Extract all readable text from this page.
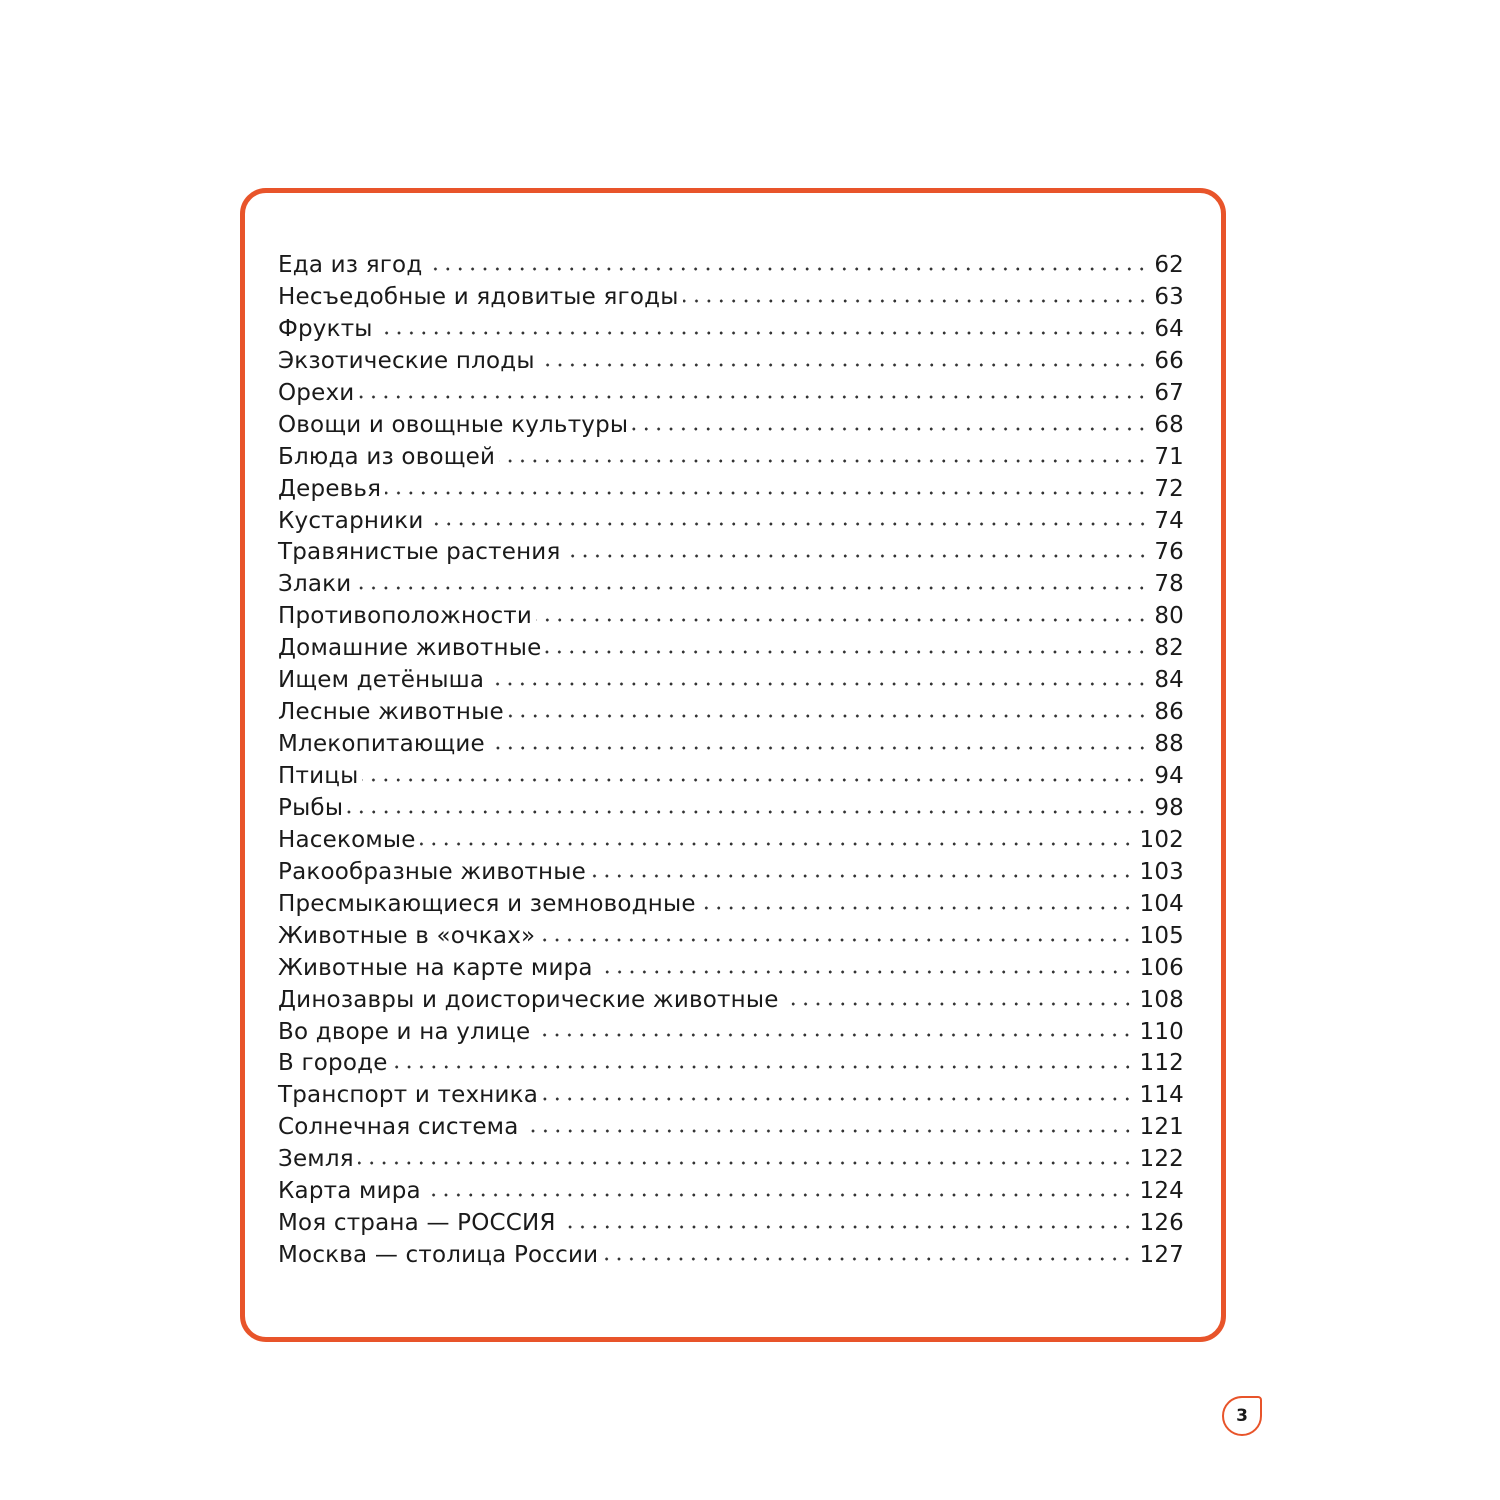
Еда из ягод	62
Несъедобные и ядовитые ягоды	63
Фрукты	64
Экзотические плоды	66
Орехи	67
Овощи и овощные культуры	68
Блюда из овощей	71
Деревья	72
Кустарники	74
Травянистые растения	76
Злаки	78
Противоположности	80
Домашние животные	82
Ищем детёныша	84
Лесные животные	86
Млекопитающие	88
Птицы	94
Рыбы	98
Насекомые	102
Ракообразные животные	103
Пресмыкающиеся и земноводные	104
Животные в «очках»	105
Животные на карте мира	106
Динозавры и доисторические животные	108
Во дворе и на улице	110
В городе	112
Транспорт и техника	114
Солнечная система	121
Земля	122
Карта мира	124
Моя страна — РОССИЯ	126
Москва — столица России	127
3
